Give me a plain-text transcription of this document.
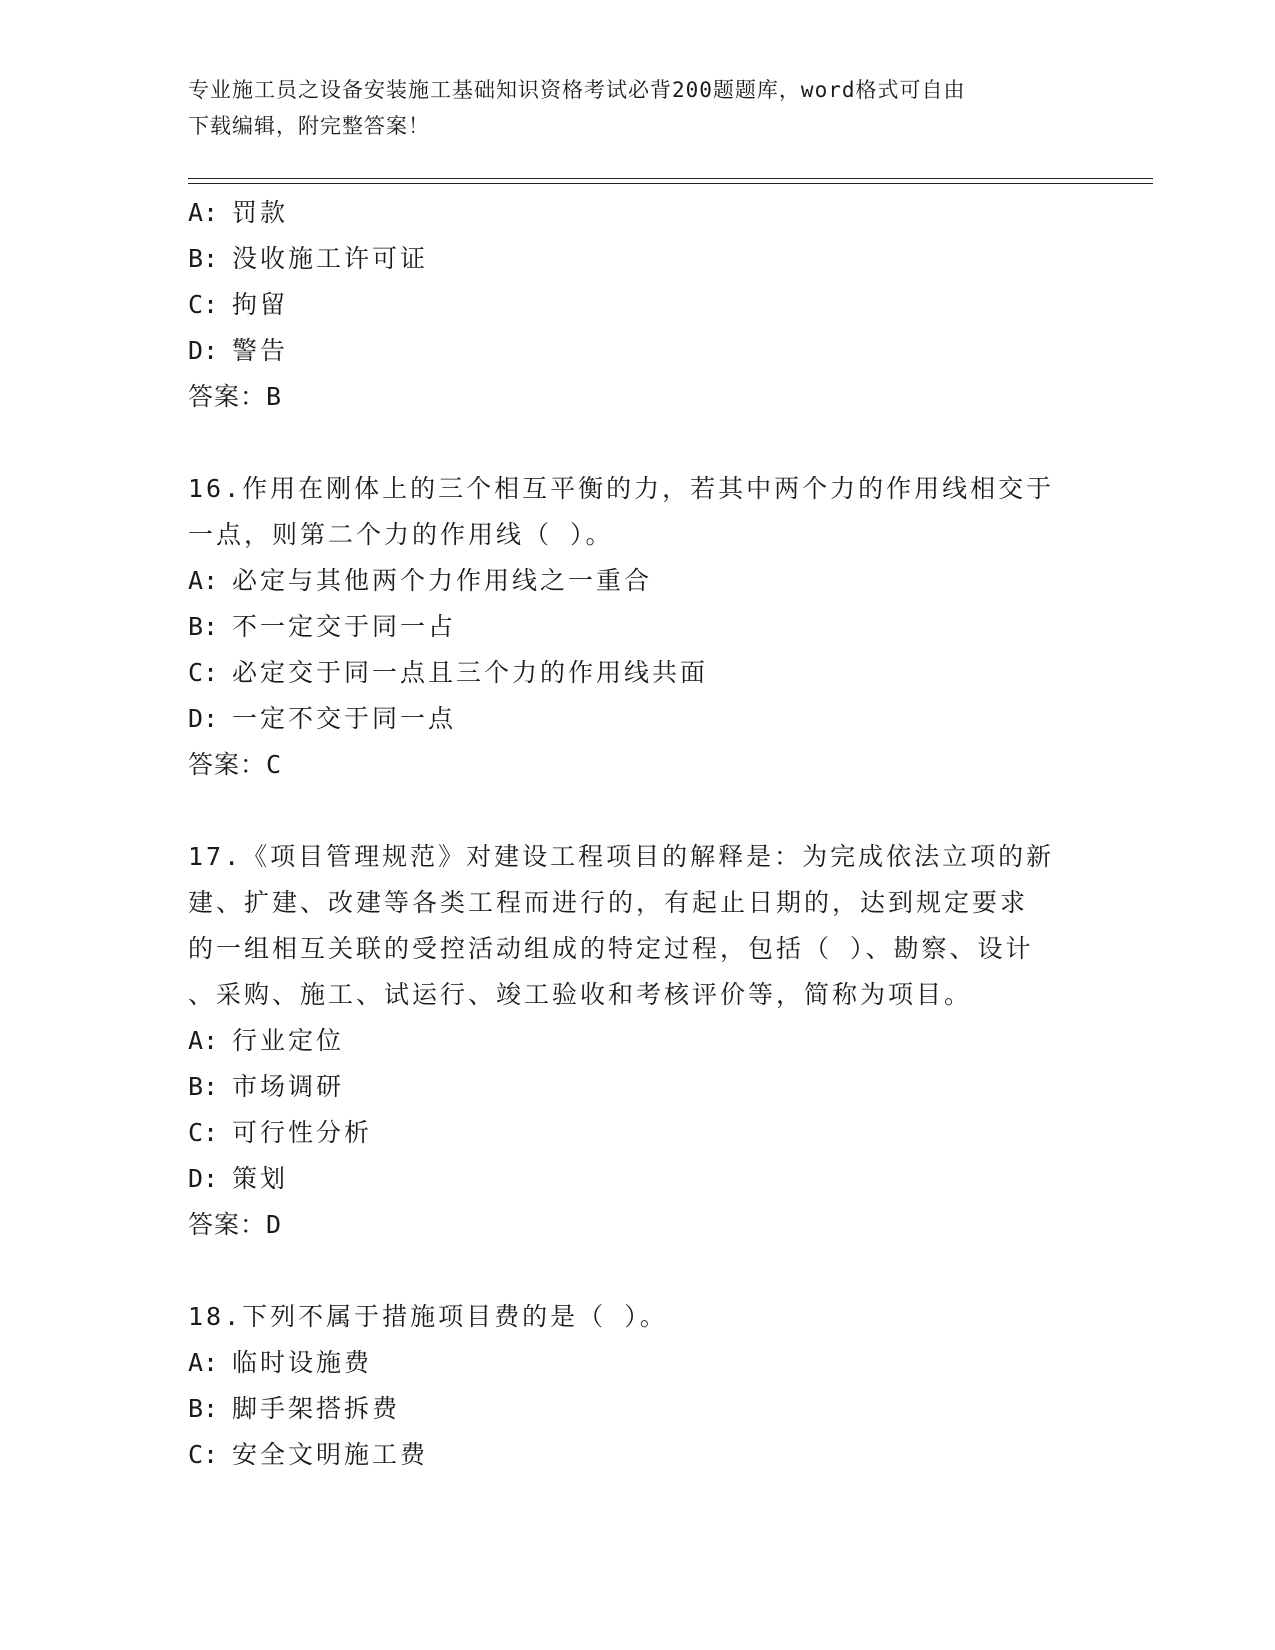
专业施工员之设备安装施工基础知识资格考试必背200题题库，word格式可自由
下载编辑，附完整答案！
A: 罚款
B: 没收施工许可证
C: 拘留
D: 警告
答案：B
16.作用在刚体上的三个相互平衡的力，若其中两个力的作用线相交于
一点，则第二个力的作用线（ ）。
A: 必定与其他两个力作用线之一重合
B: 不一定交于同一占
C: 必定交于同一点且三个力的作用线共面
D: 一定不交于同一点
答案：C
17.《项目管理规范》对建设工程项目的解释是：为完成依法立项的新
建、扩建、改建等各类工程而进行的，有起止日期的，达到规定要求
的一组相互关联的受控活动组成的特定过程，包括（ ）、勘察、设计
、采购、施工、试运行、竣工验收和考核评价等，简称为项目。
A: 行业定位
B: 市场调研
C: 可行性分析
D: 策划
答案：D
18.下列不属于措施项目费的是（ ）。
A: 临时设施费
B: 脚手架搭拆费
C: 安全文明施工费
